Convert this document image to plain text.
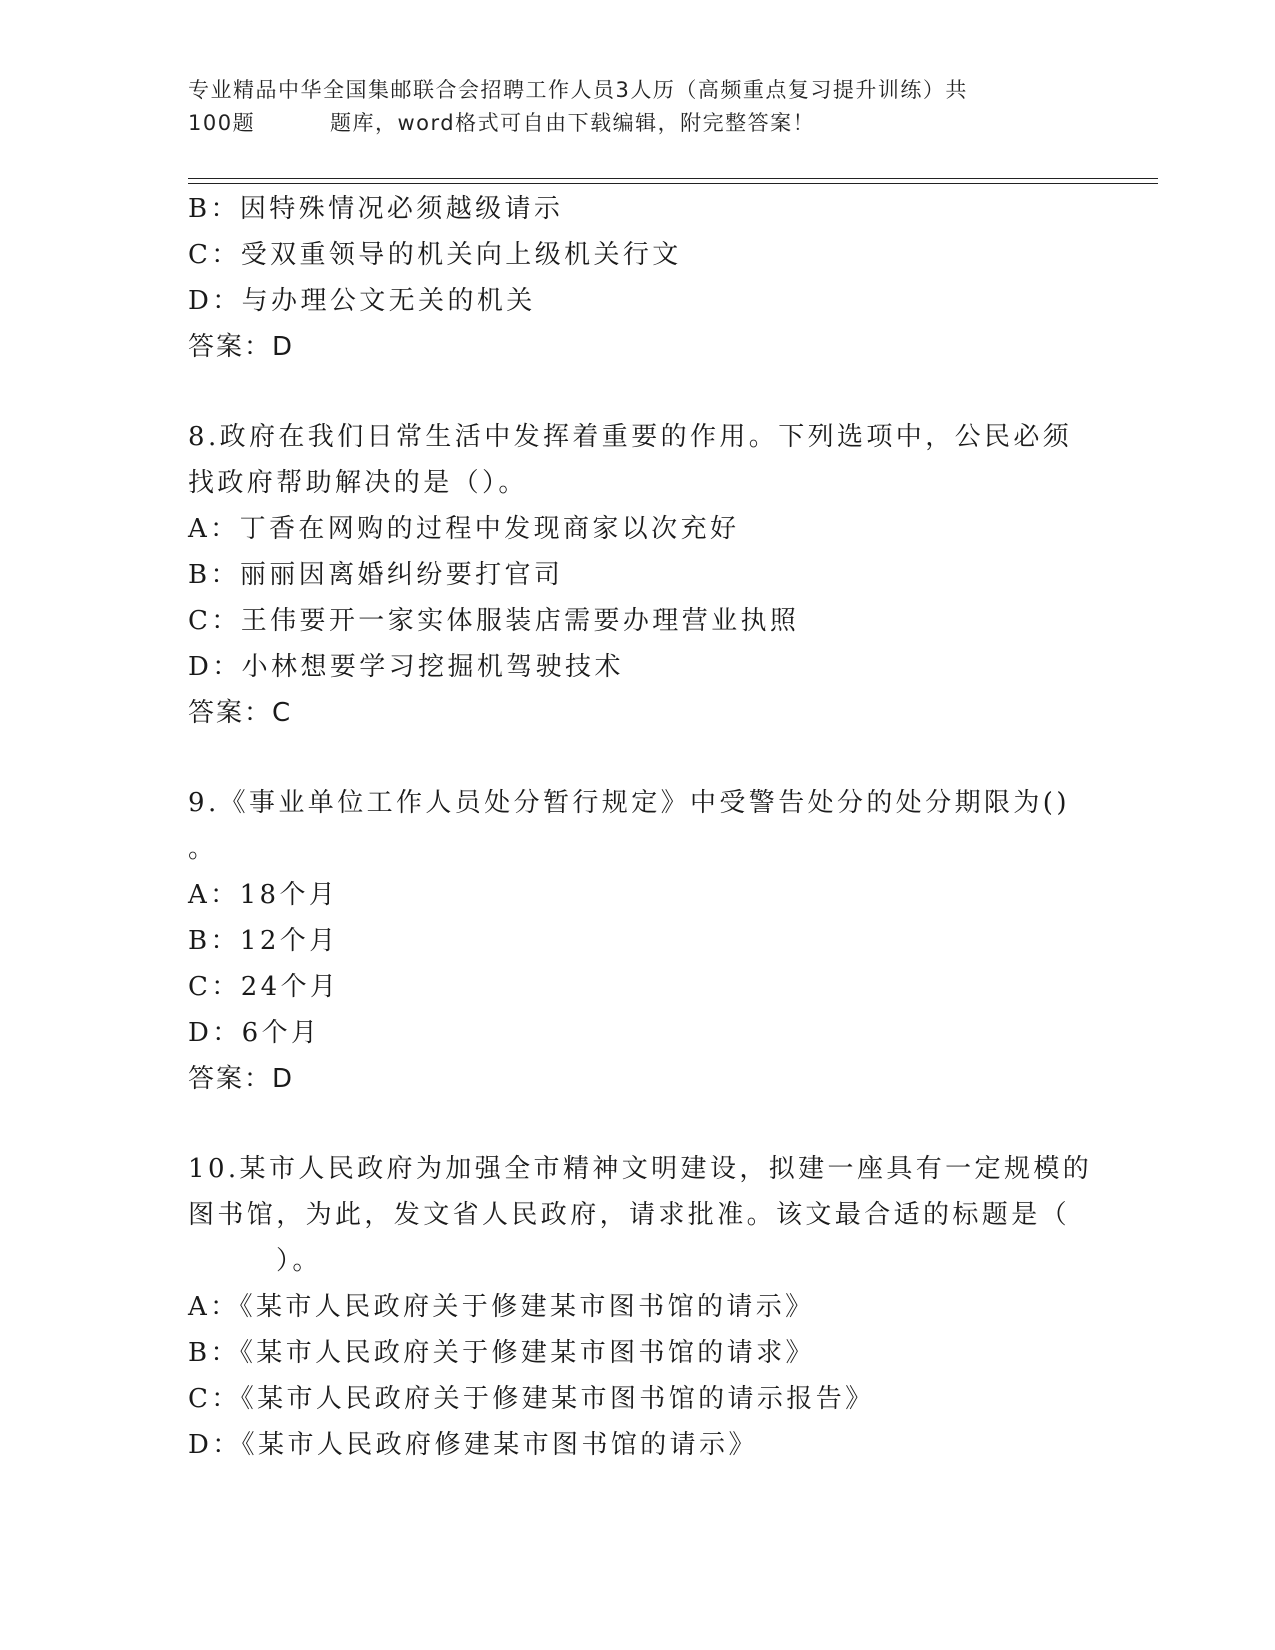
专业精品中华全国集邮联合会招聘工作人员3人历（高频重点复习提升训练）共
100题	题库，word格式可自由下载编辑，附完整答案！
B：因特殊情况必须越级请示
C：受双重领导的机关向上级机关行文
D：与办理公文无关的机关
答案：D
8.政府在我们日常生活中发挥着重要的作用。下列选项中，公民必须
找政府帮助解决的是（）。
A：丁香在网购的过程中发现商家以次充好
B：丽丽因离婚纠纷要打官司
C：王伟要开一家实体服装店需要办理营业执照
D：小林想要学习挖掘机驾驶技术
答案：C
9.《事业单位工作人员处分暂行规定》中受警告处分的处分期限为()
。
A：18个月
B：12个月
C：24个月
D：6个月
答案：D
10.某市人民政府为加强全市精神文明建设，拟建一座具有一定规模的
图书馆，为此，发文省人民政府，请求批准。该文最合适的标题是（
）。
A：《某市人民政府关于修建某市图书馆的请示》
B：《某市人民政府关于修建某市图书馆的请求》
C：《某市人民政府关于修建某市图书馆的请示报告》
D：《某市人民政府修建某市图书馆的请示》
